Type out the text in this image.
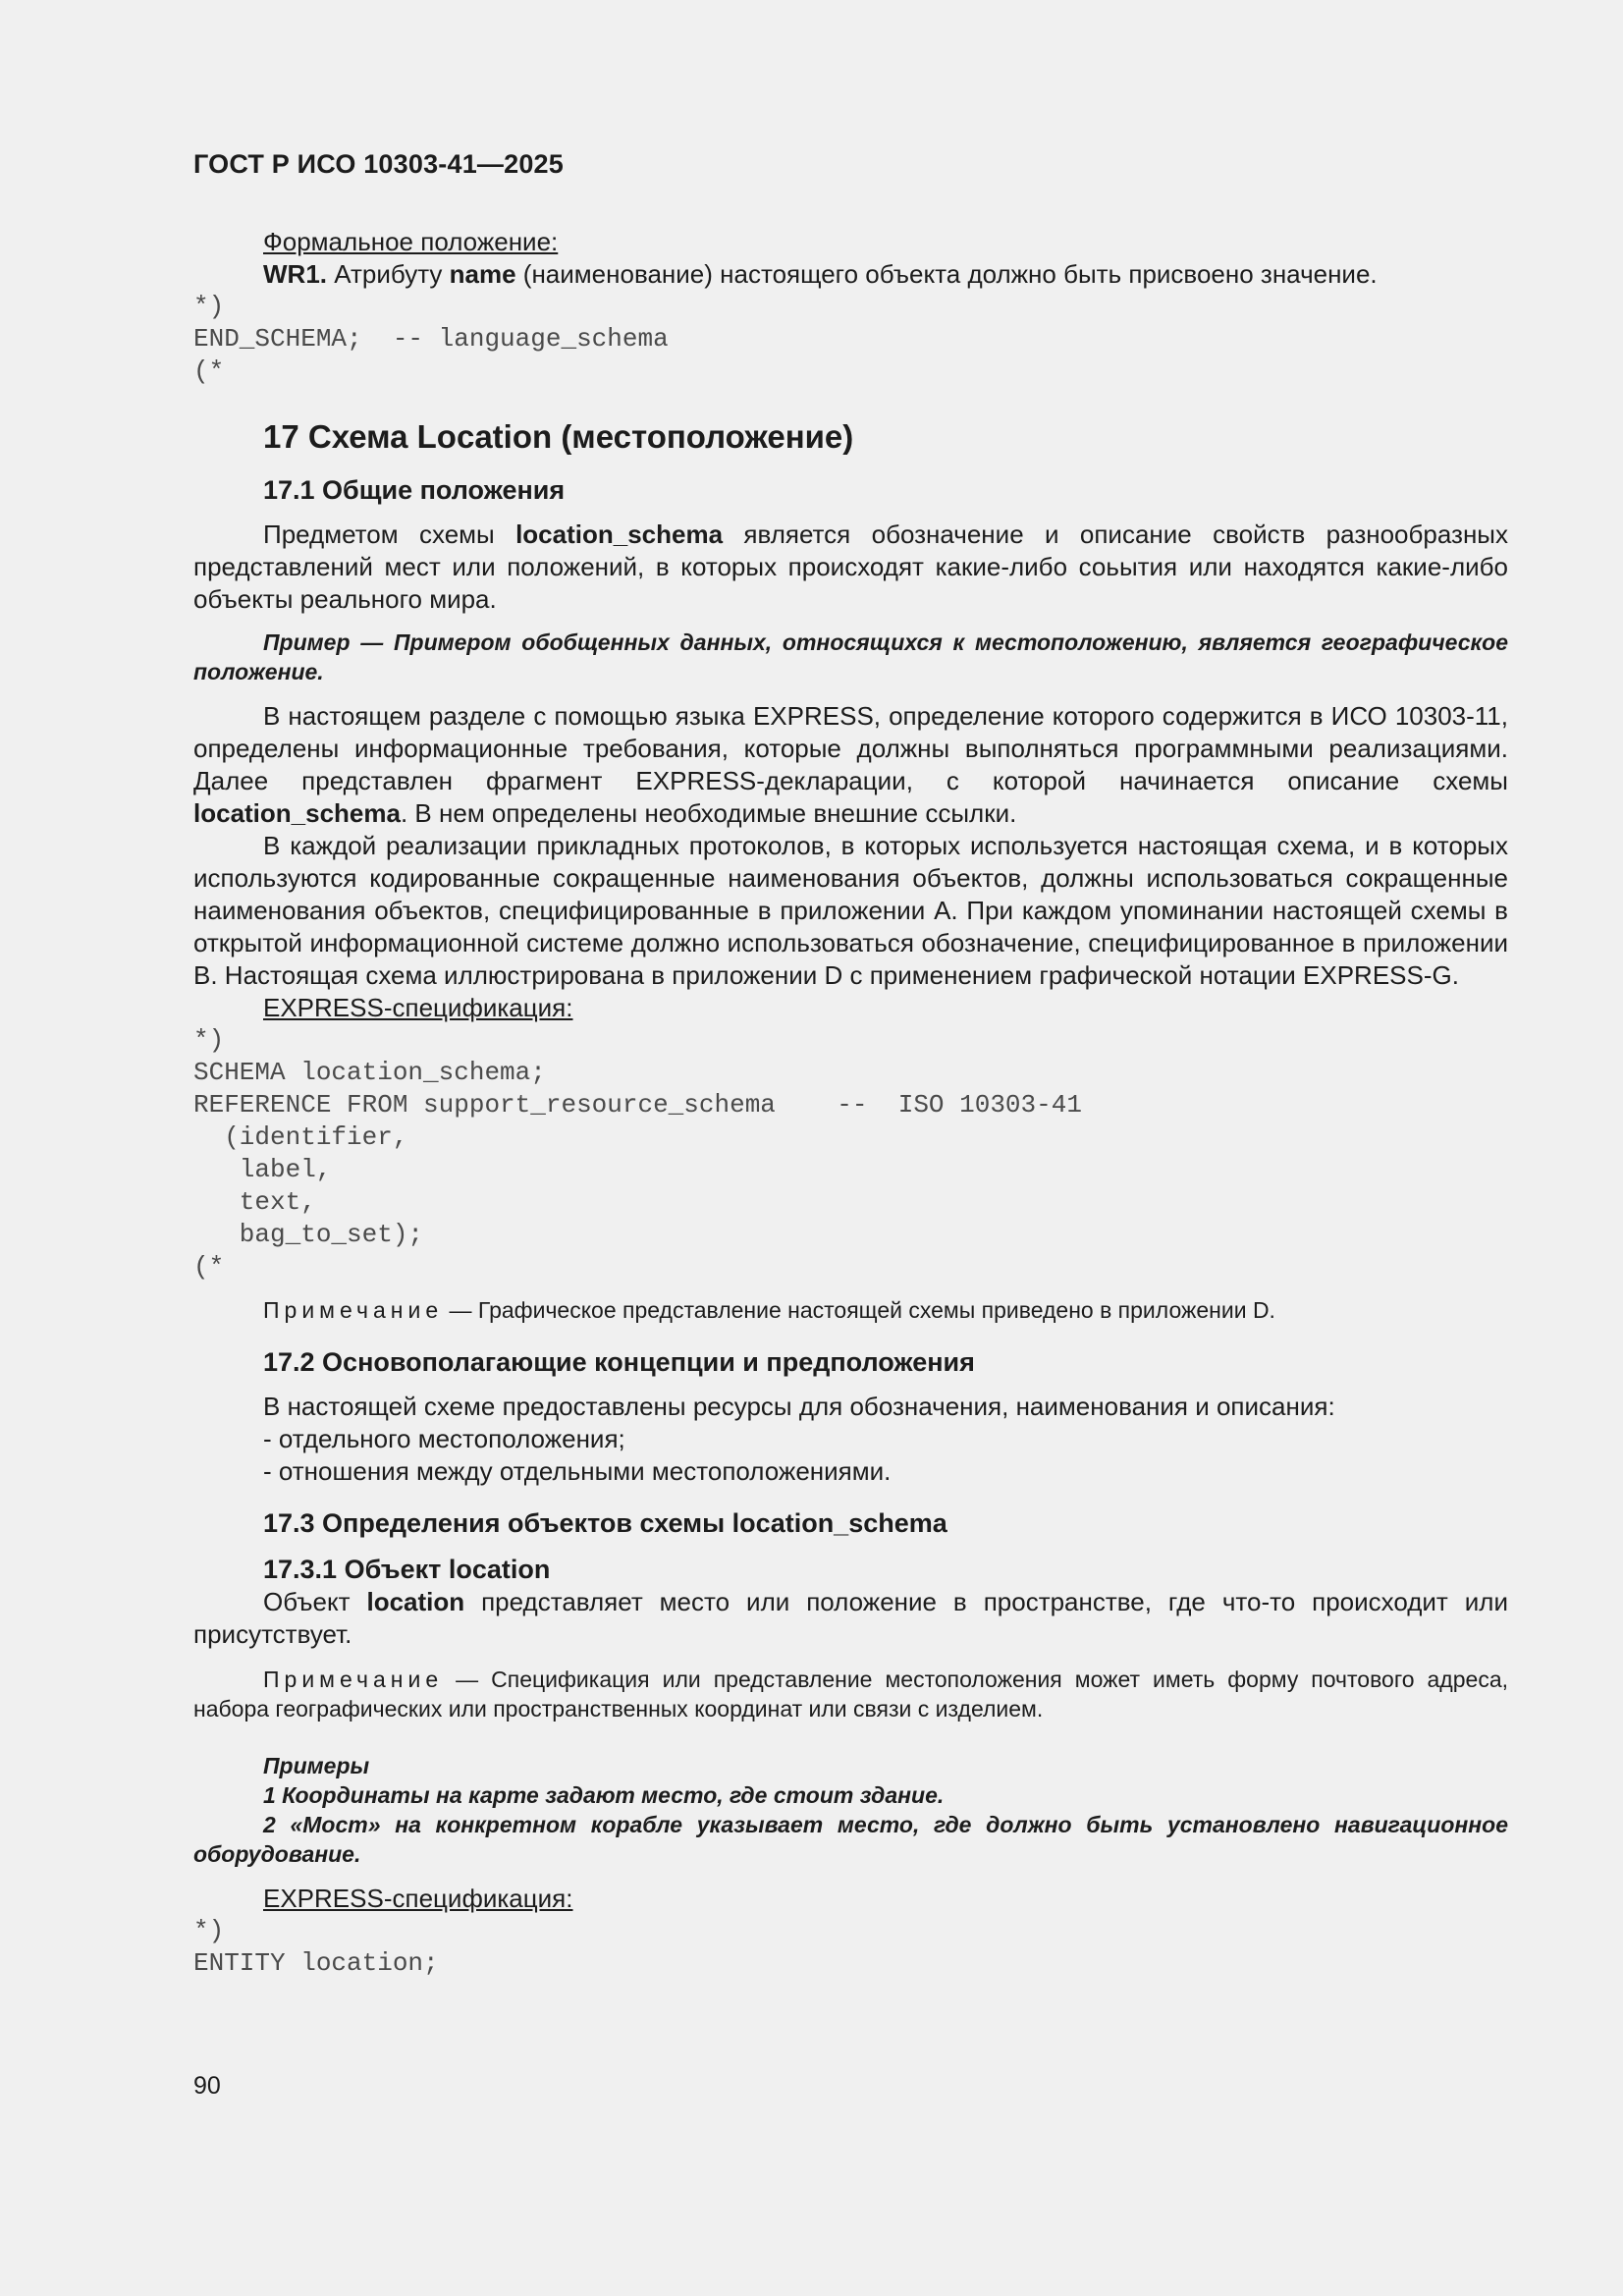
ГОСТ Р ИСО 10303-41—2025
Формальное положение:
WR1. Атрибуту name (наименование) настоящего объекта должно быть присвоено значение.
*)
END_SCHEMA;  -- language_schema
(*
17 Схема Location (местоположение)
17.1 Общие положения
Предметом схемы location_schema является обозначение и описание свойств разнообразных представлений мест или положений, в которых происходят какие-либо соьытия или находятся какие-либо объекты реального мира.
Пример — Примером обобщенных данных, относящихся к местоположению, является географическое положение.
В настоящем разделе с помощью языка EXPRESS, определение которого содержится в ИСО 10303-11, определены информационные требования, которые должны выполняться программными реализациями. Далее представлен фрагмент EXPRESS-декларации, с которой начинается описание схемы location_schema. В нем определены необходимые внешние ссылки.
В каждой реализации прикладных протоколов, в которых используется настоящая схема, и в которых используются кодированные сокращенные наименования объектов, должны использоваться сокращенные наименования объектов, специфицированные в приложении А. При каждом упоминании настоящей схемы в открытой информационной системе должно использоваться обозначение, специфицированное в приложении В. Настоящая схема иллюстрирована в приложении D с применением графической нотации EXPRESS-G.
EXPRESS-спецификация:
*)
SCHEMA location_schema;
REFERENCE FROM support_resource_schema    --  ISO 10303-41
(identifier,
label,
text,
bag_to_set);
(*
Примечание — Графическое представление настоящей схемы приведено в приложении D.
17.2 Основополагающие концепции и предположения
В настоящей схеме предоставлены ресурсы для обозначения, наименования и описания:
- отдельного местоположения;
- отношения между отдельными местоположениями.
17.3 Определения объектов схемы location_schema
17.3.1 Объект location
Объект location представляет место или положение в пространстве, где что-то происходит или присутствует.
Примечание — Спецификация или представление местоположения может иметь форму почтового адреса, набора географических или пространственных координат или связи с изделием.
Примеры
1 Координаты на карте задают место, где стоит здание.
2 «Мост» на конкретном корабле указывает место, где должно быть установлено навигационное оборудование.
EXPRESS-спецификация:
*)
ENTITY location;
90
